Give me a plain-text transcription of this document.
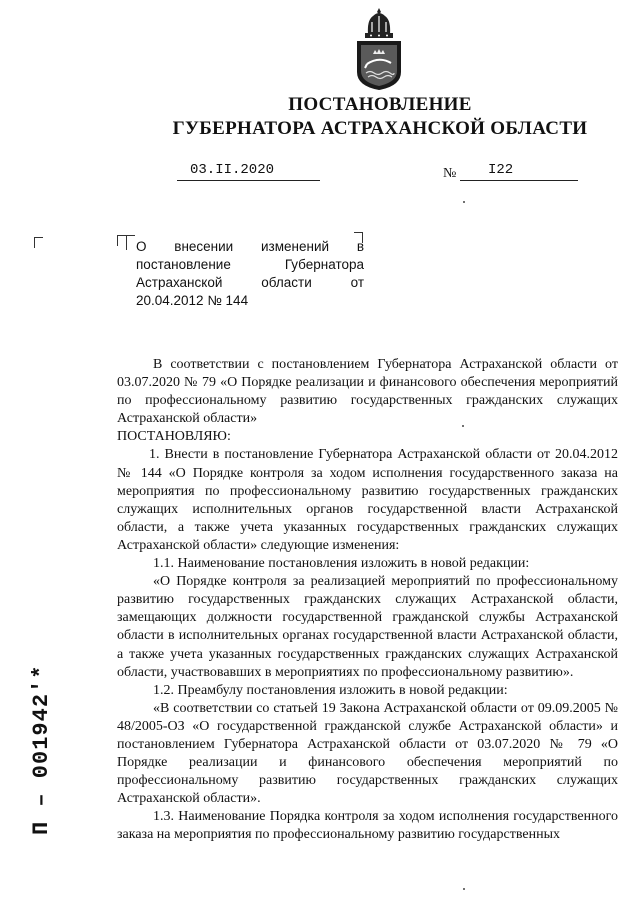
ПОСТАНОВЛЕНИЕ
ГУБЕРНАТОРА АСТРАХАНСКОЙ ОБЛАСТИ
03.II.2020	№ I22
О внесении изменений в постановление Губернатора Астраханской области от 20.04.2012 № 144

В соответствии с постановлением Губернатора Астраханской области от 03.07.2020 № 79 «О Порядке реализации и финансового обеспечения мероприятий по профессиональному развитию государственных гражданских служащих Астраханской области»

ПОСТАНОВЛЯЮ:

1. Внести в постановление Губернатора Астраханской области от 20.04.2012 № 144 «О Порядке контроля за ходом исполнения государственного заказа на мероприятия по профессиональному развитию государственных гражданских служащих исполнительных органов государственной власти Астраханской области, а также учета указанных государственных гражданских служащих Астраханской области» следующие изменения:

1.1. Наименование постановления изложить в новой редакции:

«О Порядке контроля за реализацией мероприятий по профессиональному развитию государственных гражданских служащих Астраханской области, замещающих должности государственной гражданской службы Астраханской области в исполнительных органах государственной власти Астраханской области, а также учета указанных государственных гражданских служащих Астраханской области, участвовавших в мероприятиях по профессиональному развитию».

1.2. Преамбулу постановления изложить в новой редакции:

«В соответствии со статьей 19 Закона Астраханской области от 09.09.2005 № 48/2005-ОЗ «О государственной гражданской службе Астраханской области» и постановлением Губернатора Астраханской области от 03.07.2020 № 79 «О Порядке реализации и финансового обеспечения мероприятий по профессиональному развитию государственных гражданских служащих Астраханской области».

1.3. Наименование Порядка контроля за ходом исполнения государственного заказа на мероприятия по профессиональному развитию государственных

П – 001942'*
